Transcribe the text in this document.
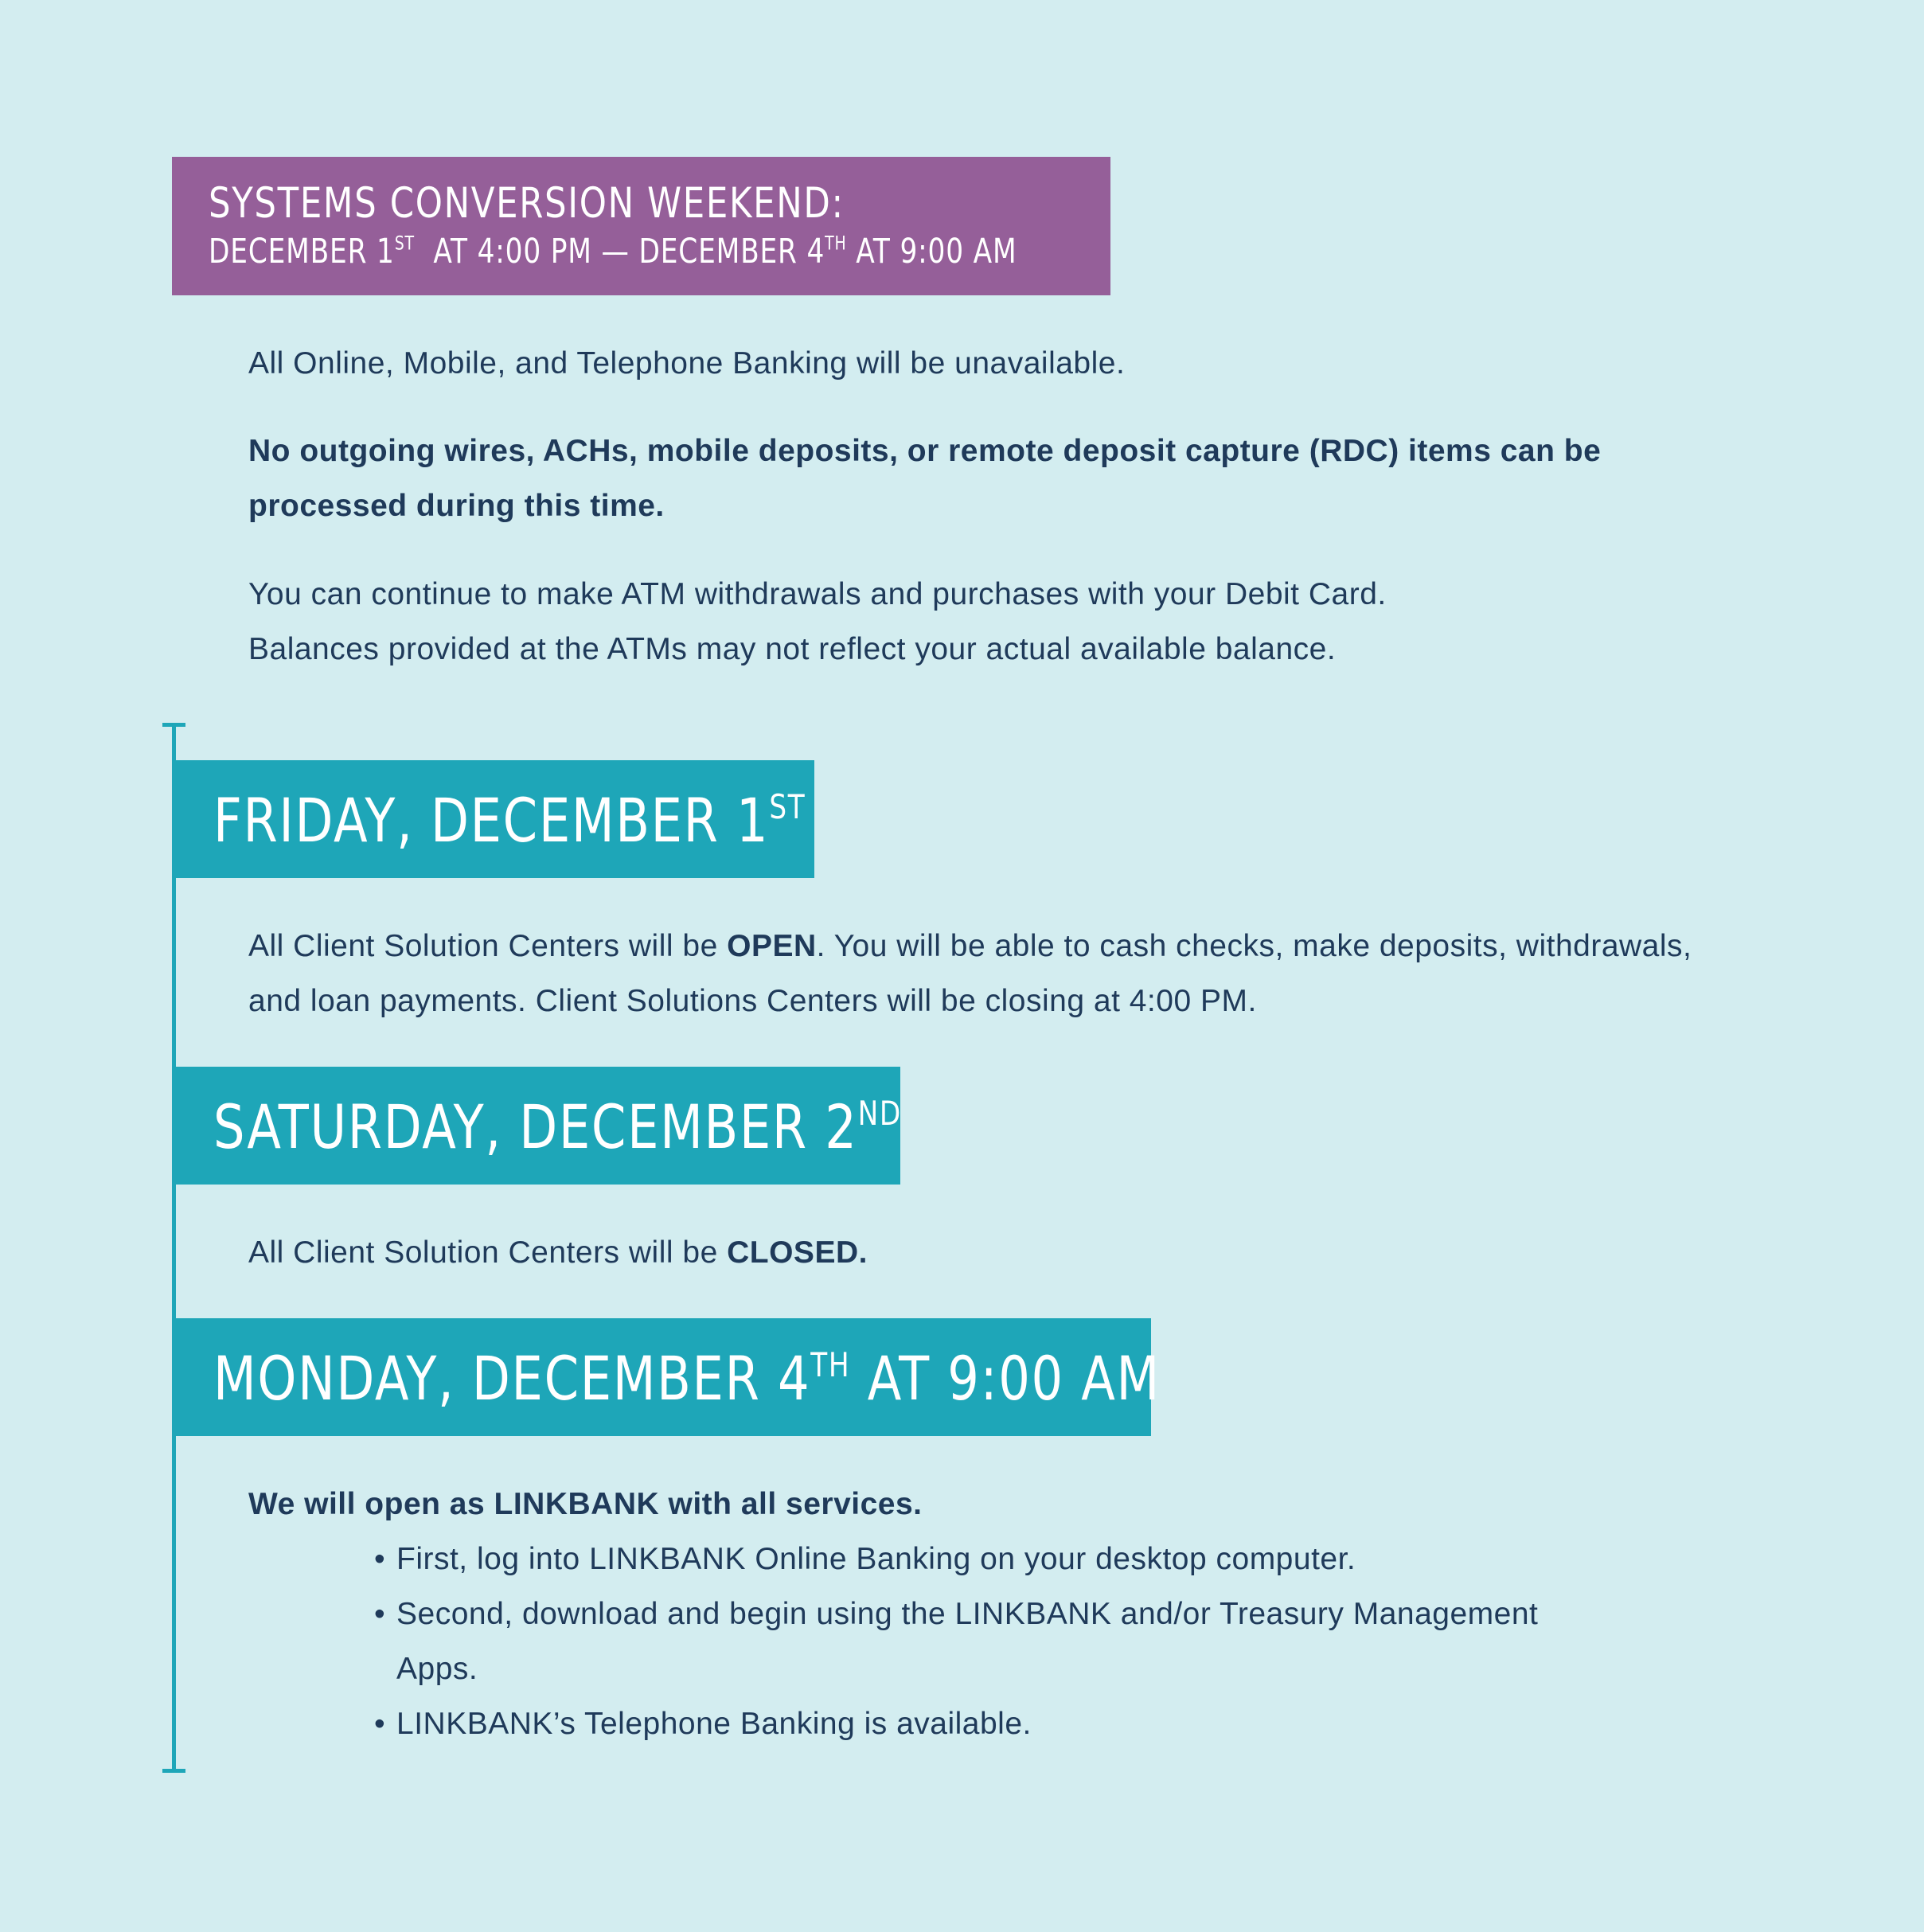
SYSTEMS CONVERSION WEEKEND:
DECEMBER 1ST  AT 4:00 PM — DECEMBER 4TH AT 9:00 AM

All Online, Mobile, and Telephone Banking will be unavailable.

No outgoing wires, ACHs, mobile deposits, or remote deposit capture (RDC) items can be processed during this time.

You can continue to make ATM withdrawals and purchases with your Debit Card.
Balances provided at the ATMs may not reflect your actual available balance.

FRIDAY, DECEMBER 1ST

All Client Solution Centers will be OPEN. You will be able to cash checks, make deposits, withdrawals, and loan payments. Client Solutions Centers will be closing at 4:00 PM.

SATURDAY, DECEMBER 2ND

All Client Solution Centers will be CLOSED.

MONDAY, DECEMBER 4TH AT 9:00 AM

We will open as LINKBANK with all services.

• First, log into LINKBANK Online Banking on your desktop computer.
• Second, download and begin using the LINKBANK and/or Treasury Management Apps.
• LINKBANK’s Telephone Banking is available.
